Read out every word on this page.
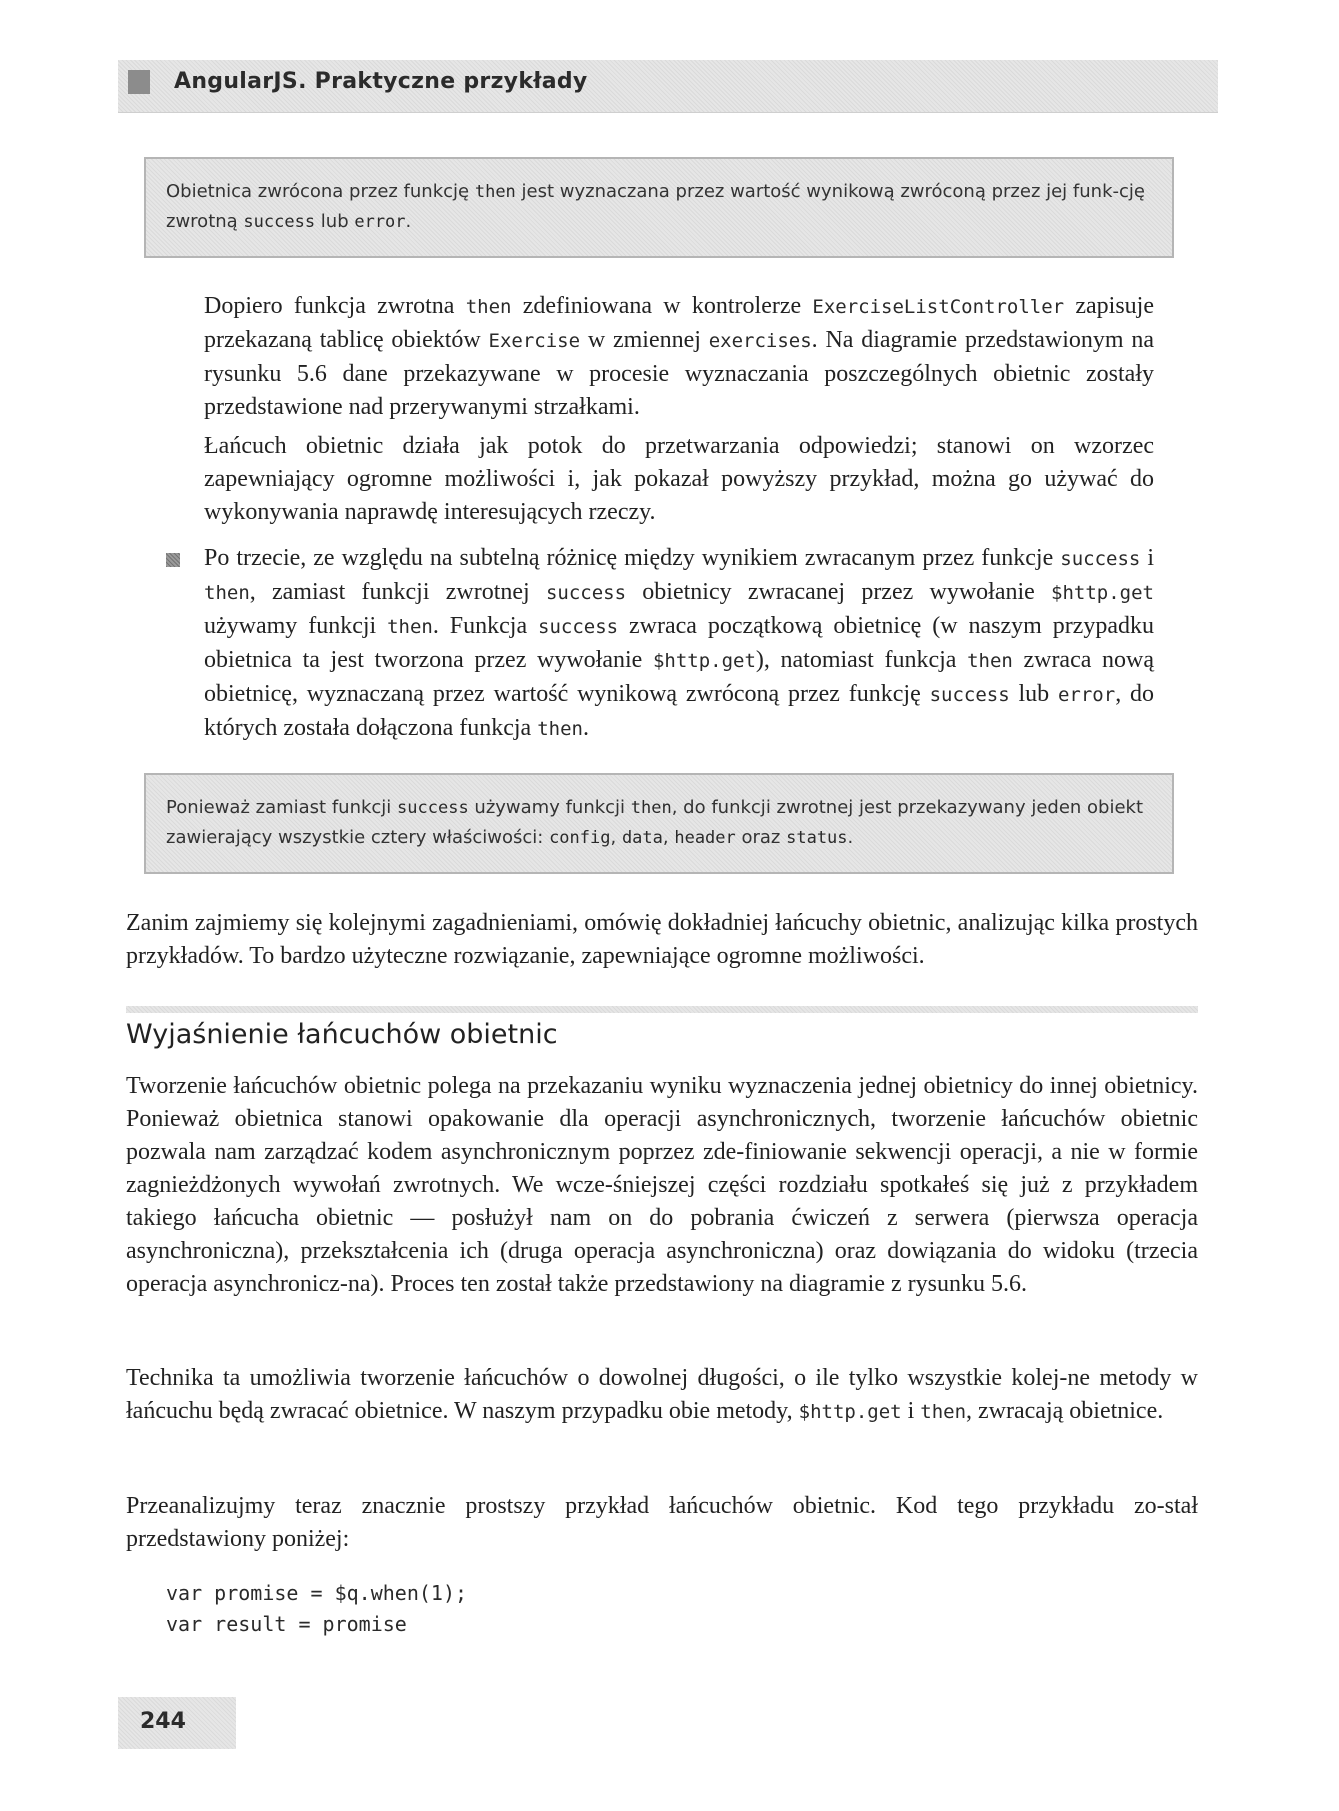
AngularJS. Praktyczne przykłady
Obietnica zwrócona przez funkcję then jest wyznaczana przez wartość wynikową zwróconą przez jej funk-cję zwrotną success lub error.

Dopiero funkcja zwrotna then zdefiniowana w kontrolerze ExerciseListController zapisuje przekazaną tablicę obiektów Exercise w zmiennej exercises. Na diagramie przedstawionym na rysunku 5.6 dane przekazywane w procesie wyznaczania poszczególnych obietnic zostały przedstawione nad przerywanymi strzałkami.

Łańcuch obietnic działa jak potok do przetwarzania odpowiedzi; stanowi on wzorzec zapewniający ogromne możliwości i, jak pokazał powyższy przykład, można go używać do wykonywania naprawdę interesujących rzeczy.

Po trzecie, ze względu na subtelną różnicę między wynikiem zwracanym przez funkcje success i then, zamiast funkcji zwrotnej success obietnicy zwracanej przez wywołanie $http.get używamy funkcji then. Funkcja success zwraca początkową obietnicę (w naszym przypadku obietnica ta jest tworzona przez wywołanie $http.get), natomiast funkcja then zwraca nową obietnicę, wyznaczaną przez wartość wynikową zwróconą przez funkcję success lub error, do których została dołączona funkcja then.

Ponieważ zamiast funkcji success używamy funkcji then, do funkcji zwrotnej jest przekazywany jeden obiekt zawierający wszystkie cztery właściwości: config, data, header oraz status.

Zanim zajmiemy się kolejnymi zagadnieniami, omówię dokładniej łańcuchy obietnic, analizując kilka prostych przykładów. To bardzo użyteczne rozwiązanie, zapewniające ogromne możliwości.

Wyjaśnienie łańcuchów obietnic

Tworzenie łańcuchów obietnic polega na przekazaniu wyniku wyznaczenia jednej obietnicy do innej obietnicy. Ponieważ obietnica stanowi opakowanie dla operacji asynchronicznych, tworzenie łańcuchów obietnic pozwala nam zarządzać kodem asynchronicznym poprzez zde-finiowanie sekwencji operacji, a nie w formie zagnieżdżonych wywołań zwrotnych. We wcze-śniejszej części rozdziału spotkałeś się już z przykładem takiego łańcucha obietnic — posłużył nam on do pobrania ćwiczeń z serwera (pierwsza operacja asynchroniczna), przekształcenia ich (druga operacja asynchroniczna) oraz dowiązania do widoku (trzecia operacja asynchronicz-na). Proces ten został także przedstawiony na diagramie z rysunku 5.6.

Technika ta umożliwia tworzenie łańcuchów o dowolnej długości, o ile tylko wszystkie kolej-ne metody w łańcuchu będą zwracać obietnice. W naszym przypadku obie metody, $http.get i then, zwracają obietnice.

Przeanalizujmy teraz znacznie prostszy przykład łańcuchów obietnic. Kod tego przykładu zo-stał przedstawiony poniżej:

var promise = $q.when(1);
var result = promise
244
